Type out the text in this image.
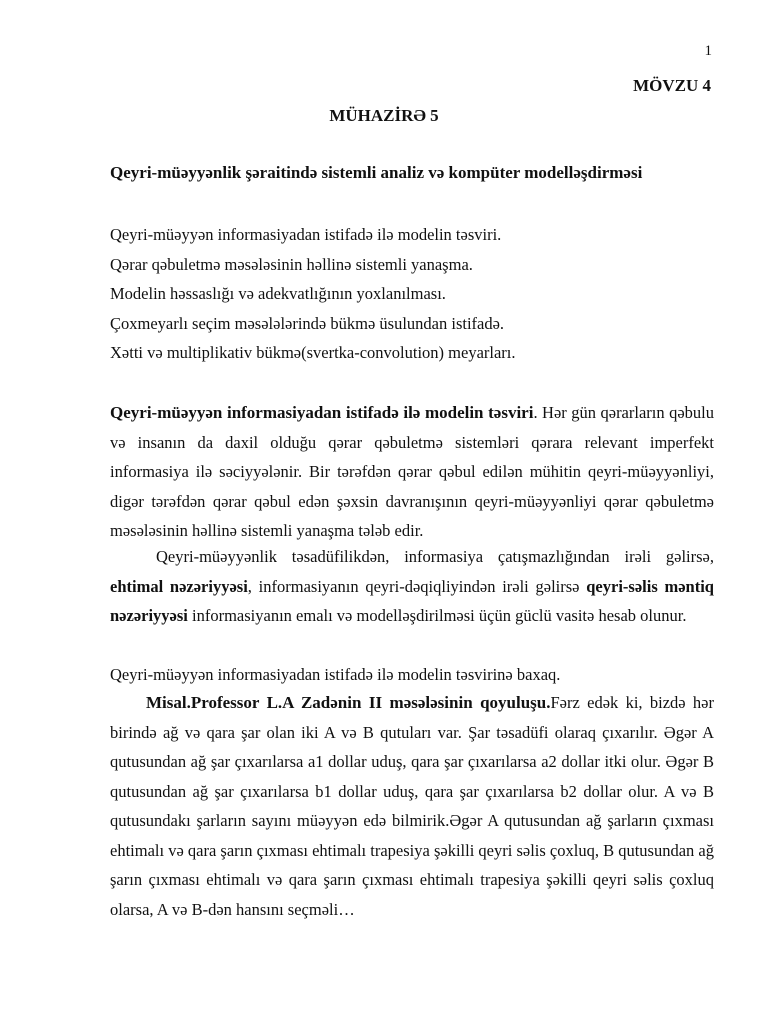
1
MÖVZU 4
MÜHAZİRƏ 5
Qeyri-müəyyənlik şəraitində sistemli analiz və kompüter modelləşdirməsi
Qeyri-müəyyən informasiyadan istifadə ilə modelin təsviri.
Qərar qəbuletmə məsələsinin həllinə sistemli yanaşma.
Modelin həssaslığı və adekvatlığının yoxlanılması.
Çoxmeyarlı seçim məsələlərində bükmə üsulundan istifadə.
Xətti və multiplikativ bükmə(svertka-convolution) meyarları.

Qeyri-müəyyən informasiyadan istifadə ilə modelin təsviri. Hər gün qərarların qəbulu və insanın da daxil olduğu qərar qəbuletmə sistemləri qərara relevant imperfekt informasiya ilə səciyyələnir. Bir tərəfdən qərar qəbul edilən mühitin qeyri-müəyyənliyi, digər tərəfdən qərar qəbul edən şəxsin davranışının qeyri-müəyyənliyi qərar qəbuletmə məsələsinin həllinə sistemli yanaşma tələb edir.

Qeyri-müəyyənlik təsadüfilikdən, informasiya çatışmazlığından irəli gəlirsə, ehtimal nəzəriyyəsi, informasiyanın qeyri-dəqiqliyindən irəli gəlirsə qeyri-səlis məntiq nəzəriyyəsi informasiyanın emalı və modelləşdirilməsi üçün güclü vasitə hesab olunur.

Qeyri-müəyyən informasiyadan istifadə ilə modelin təsvirinə baxaq.

Misal.Professor L.A Zadənin II məsələsinin qoyuluşu.Fərz edək ki, bizdə hər birində ağ və qara şar olan iki A və B qutuları var. Şar təsadüfi olaraq çıxarılır. Əgər A qutusundan ağ şar çıxarılarsa a1 dollar uduş, qara şar çıxarılarsa a2 dollar itki olur. Əgər B qutusundan ağ şar çıxarılarsa b1 dollar uduş, qara şar çıxarılarsa b2 dollar olur. A və B qutusundakı şarların sayını müəyyən edə bilmirik.Əgər A qutusundan ağ şarların çıxması ehtimalı və qara şarın çıxması ehtimalı trapesiya şəkilli qeyri səlis çoxluq, B qutusundan ağ şarın çıxması ehtimalı və qara şarın çıxması ehtimalı trapesiya şəkilli qeyri səlis çoxluq olarsa, A və B-dən hansını seçməli…
